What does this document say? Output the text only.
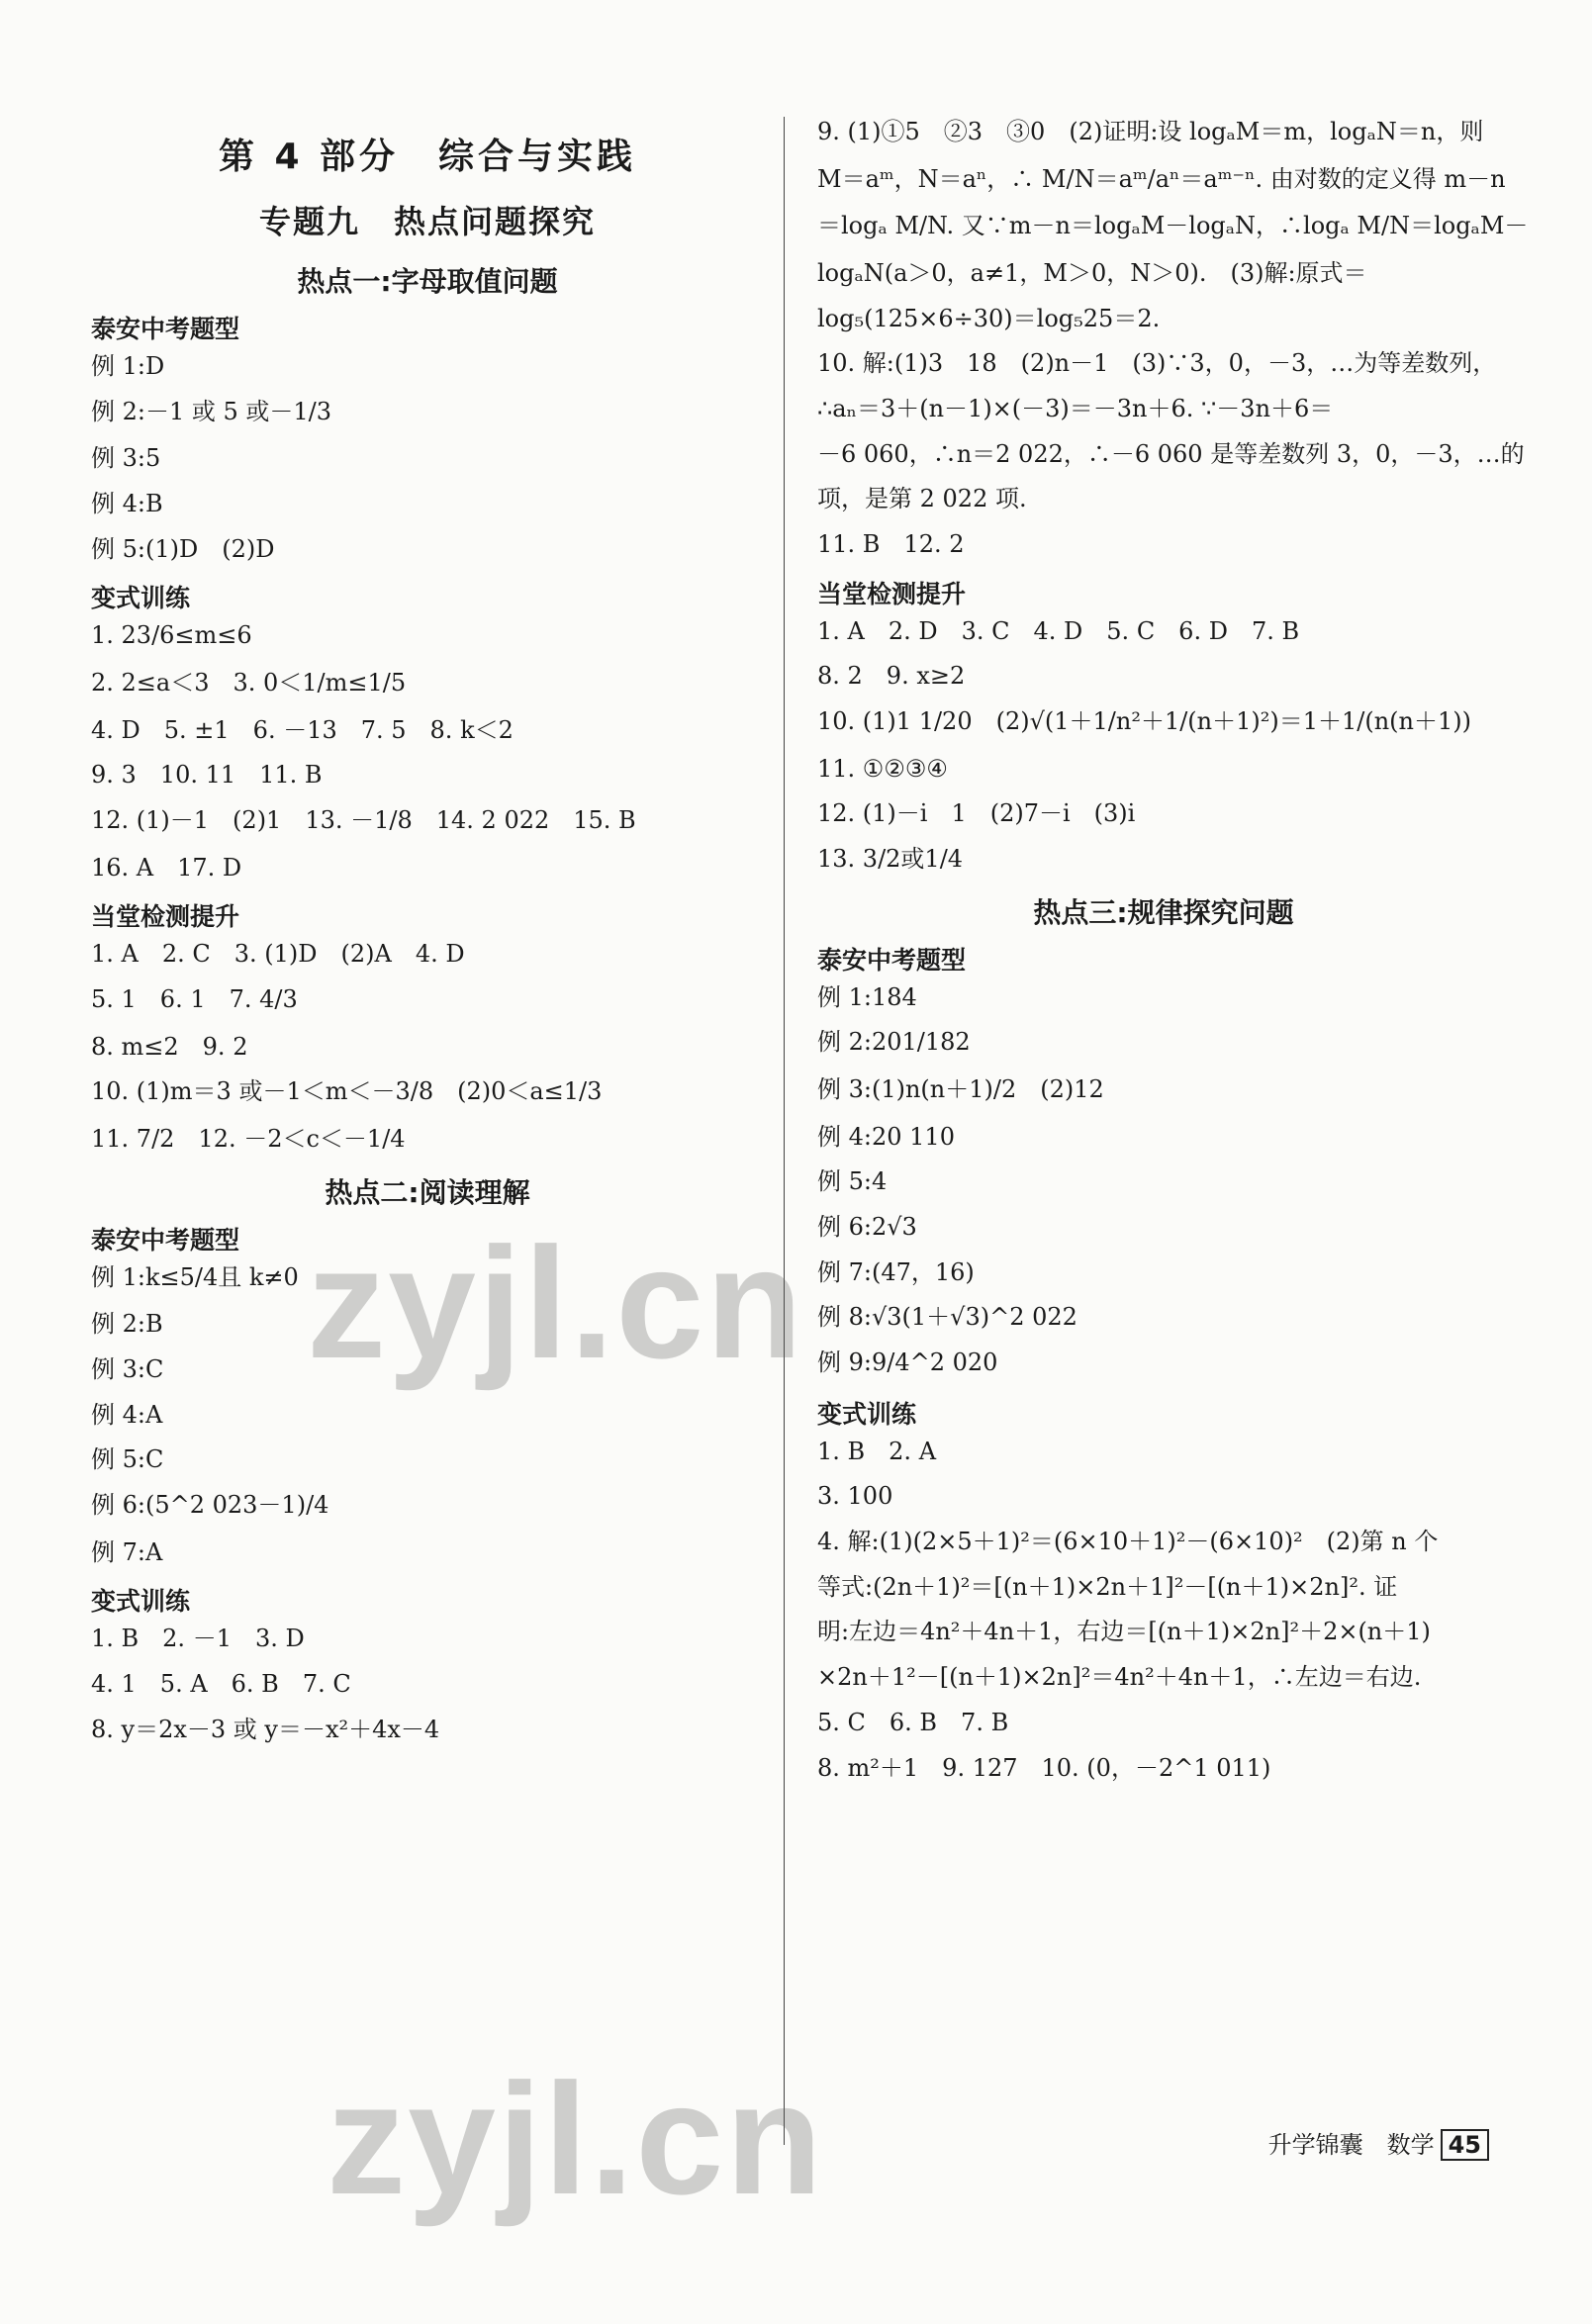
第 4 部分　综合与实践
专题九　热点问题探究
热点一:字母取值问题
泰安中考题型
例 1:D
例 2:－1 或 5 或－1/3
例 3:5
例 4:B
例 5:(1)D　(2)D
变式训练
1. 23/6≤m≤6
2. 2≤a＜3　3. 0＜1/m≤1/5
4. D　5. ±1　6. －13　7. 5　8. k＜2
9. 3　10. 11　11. B
12. (1)－1　(2)1　13. －1/8　14. 2 022　15. B
16. A　17. D
当堂检测提升
1. A　2. C　3. (1)D　(2)A　4. D
5. 1　6. 1　7. 4/3
8. m≤2　9. 2
10. (1)m＝3 或－1＜m＜－3/8　(2)0＜a≤1/3
11. 7/2　12. －2＜c＜－1/4
热点二:阅读理解
泰安中考题型
例 1:k≤5/4且 k≠0
例 2:B
例 3:C
例 4:A
例 5:C
例 6:(5^2 023－1)/4
例 7:A
变式训练
1. B　2. －1　3. D
4. 1　5. A　6. B　7. C
8. y＝2x－3 或 y＝－x²＋4x－4
9. (1)①5　②3　③0　(2)证明:设 logₐM＝m，logₐN＝n，则
M＝aᵐ，N＝aⁿ，∴ M/N＝aᵐ/aⁿ＝aᵐ⁻ⁿ. 由对数的定义得 m－n
＝logₐ M/N. 又∵m－n＝logₐM－logₐN，∴logₐ M/N＝logₐM－
logₐN(a＞0，a≠1，M＞0，N＞0).　(3)解:原式＝
log₅(125×6÷30)＝log₅25＝2.
10. 解:(1)3　18　(2)n－1　(3)∵3，0，－3，…为等差数列，
∴aₙ＝3＋(n－1)×(－3)＝－3n＋6. ∵－3n＋6＝
－6 060，∴n＝2 022，∴－6 060 是等差数列 3，0，－3，…的
项，是第 2 022 项.
11. B　12. 2
当堂检测提升
1. A　2. D　3. C　4. D　5. C　6. D　7. B
8. 2　9. x≥2
10. (1)1 1/20　(2)√(1＋1/n²＋1/(n＋1)²)＝1＋1/(n(n＋1))
11. ①②③④
12. (1)－i　1　(2)7－i　(3)i
13. 3/2或1/4
热点三:规律探究问题
泰安中考题型
例 1:184
例 2:201/182
例 3:(1)n(n＋1)/2　(2)12
例 4:20 110
例 5:4
例 6:2√3
例 7:(47，16)
例 8:√3(1＋√3)^2 022
例 9:9/4^2 020
变式训练
1. B　2. A
3. 100
4. 解:(1)(2×5＋1)²＝(6×10＋1)²－(6×10)²　(2)第 n 个
等式:(2n＋1)²＝[(n＋1)×2n＋1]²－[(n＋1)×2n]². 证
明:左边＝4n²＋4n＋1，右边＝[(n＋1)×2n]²＋2×(n＋1)
×2n＋1²－[(n＋1)×2n]²＝4n²＋4n＋1，∴左边＝右边.
5. C　6. B　7. B
8. m²＋1　9. 127　10. (0，－2^1 011)
升学锦囊　数学 45
zyjl.cn
zyjl.cn
